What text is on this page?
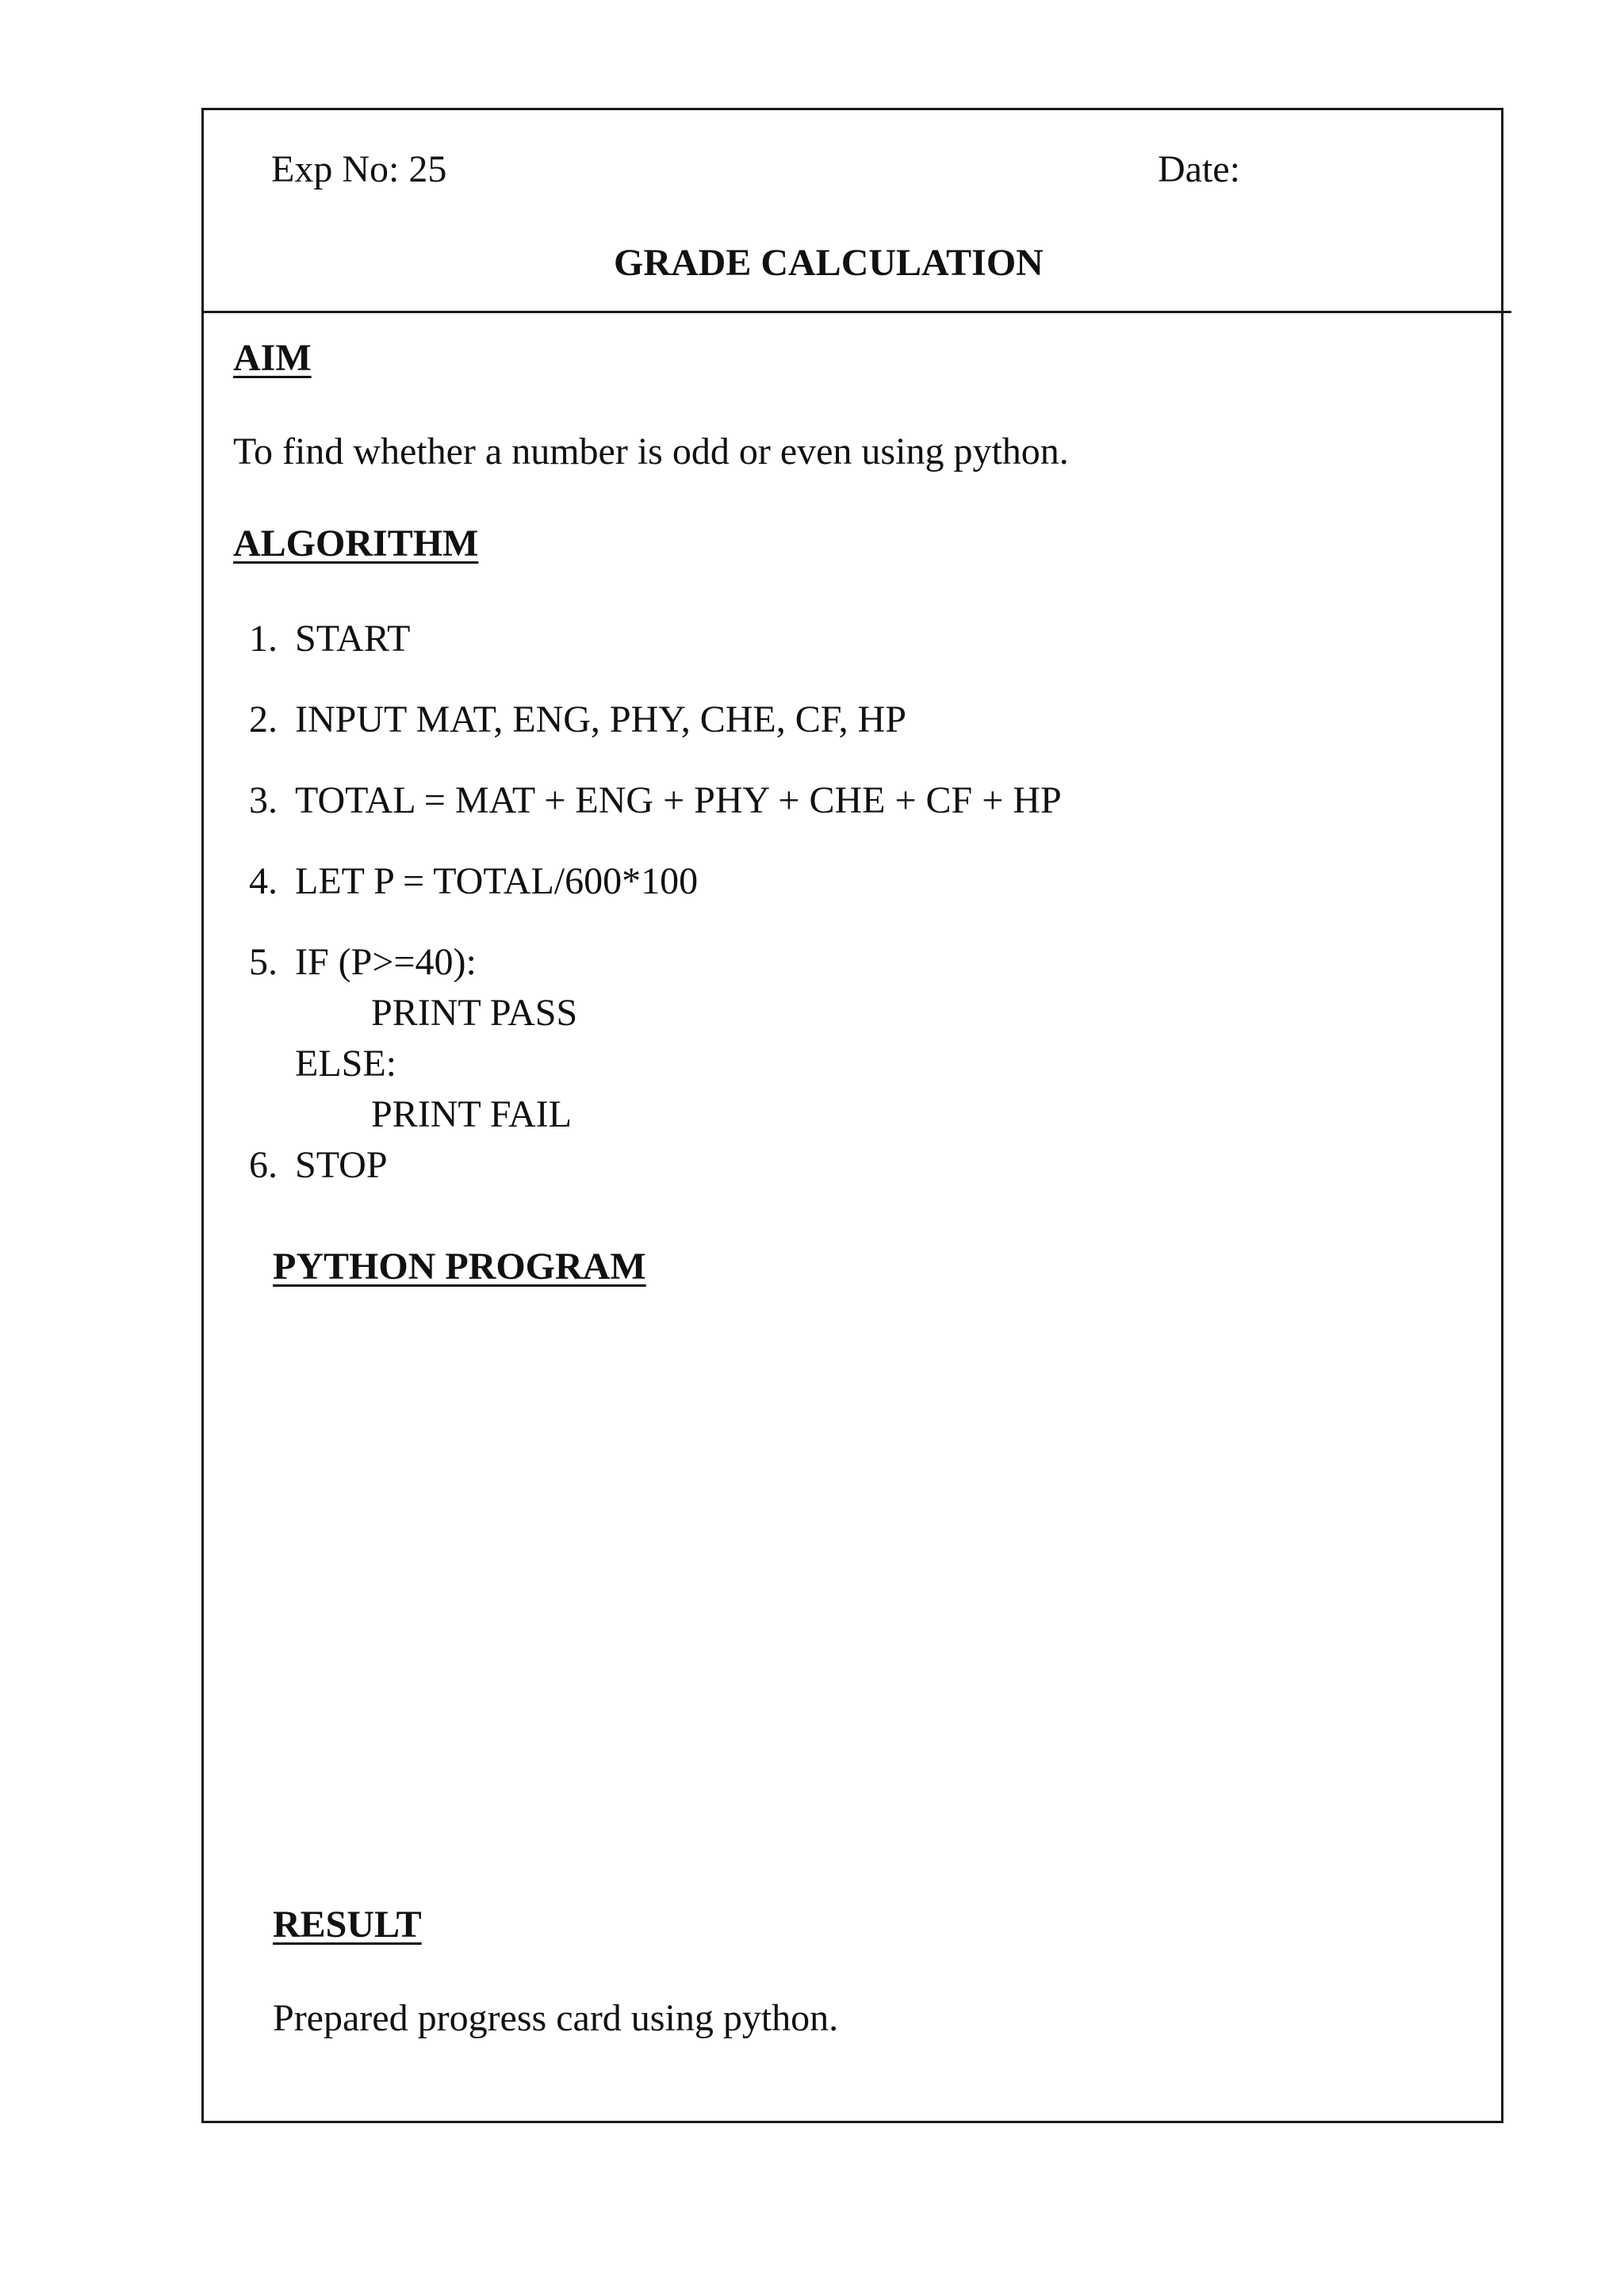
Exp No: 25	Date:
GRADE CALCULATION
AIM
To find whether a number is odd or even using python.
ALGORITHM
1. START
2. INPUT MAT, ENG, PHY, CHE, CF, HP
3. TOTAL = MAT + ENG + PHY + CHE + CF + HP
4. LET P = TOTAL/600*100
5. IF (P>=40):
PRINT PASS
ELSE:
PRINT FAIL
6. STOP
PYTHON PROGRAM
RESULT
Prepared progress card using python.
